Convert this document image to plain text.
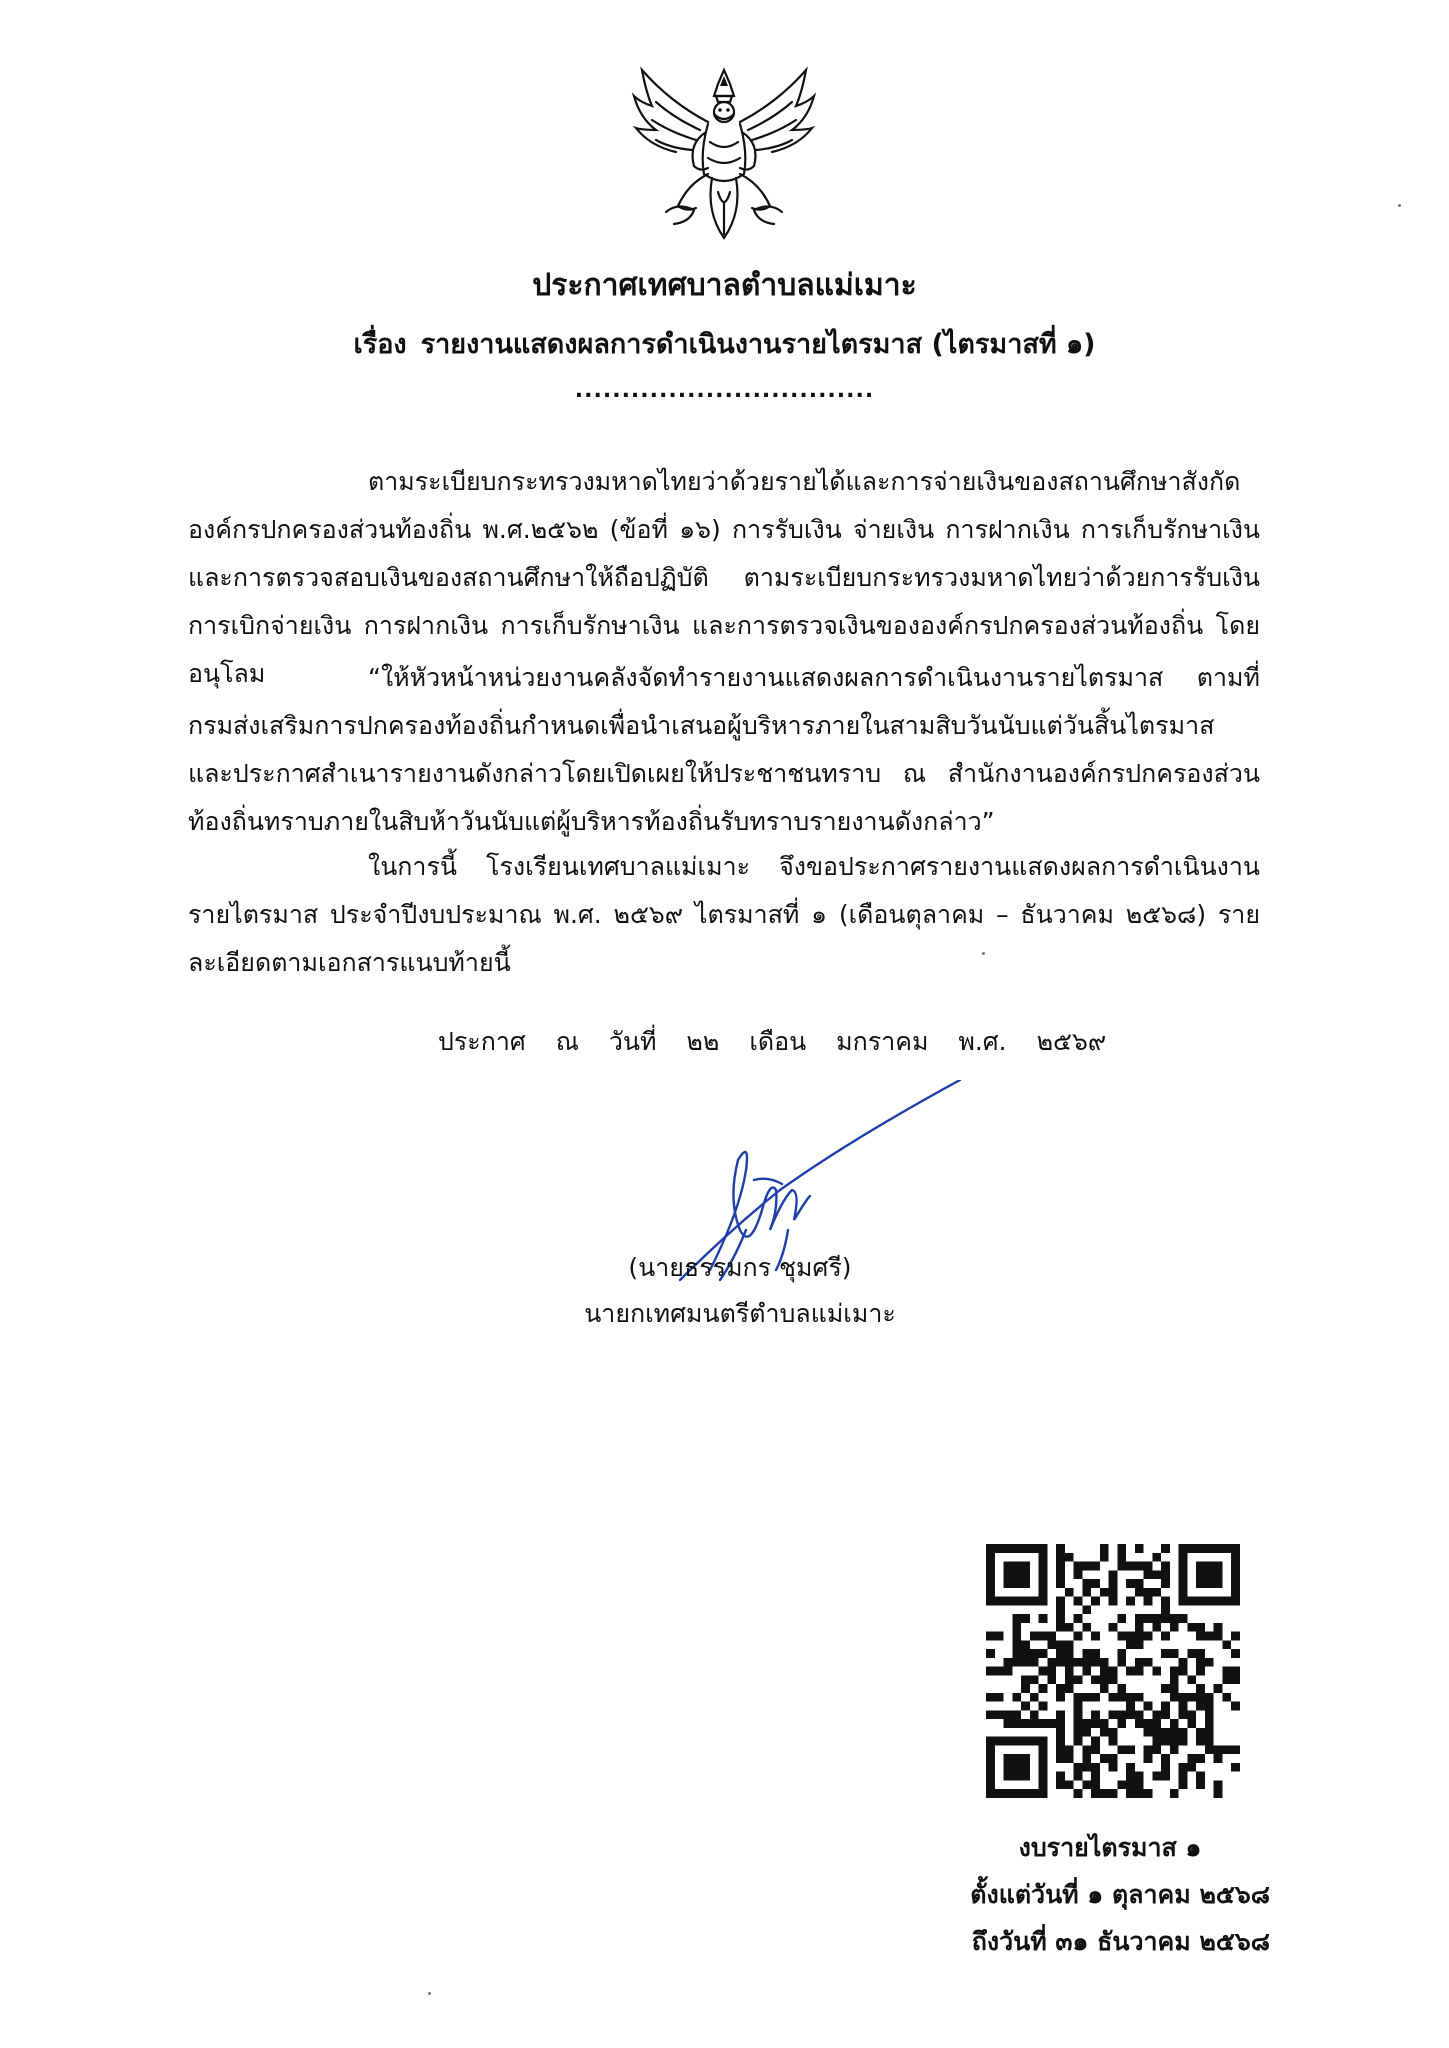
ประกาศเทศบาลตำบลแม่เมาะ
เรื่อง รายงานแสดงผลการดำเนินงานรายไตรมาส (ไตรมาสที่ ๑)
................................

ตามระเบียบกระทรวงมหาดไทยว่าด้วยรายได้และการจ่ายเงินของสถานศึกษาสังกัดองค์กรปกครองส่วนท้องถิ่น พ.ศ.๒๕๖๒ (ข้อที่ ๑๖) การรับเงิน จ่ายเงิน การฝากเงิน การเก็บรักษาเงินและการตรวจสอบเงินของสถานศึกษาให้ถือปฏิบัติ ตามระเบียบกระทรวงมหาดไทยว่าด้วยการรับเงิน การเบิกจ่ายเงิน การฝากเงิน การเก็บรักษาเงิน และการตรวจเงินขององค์กรปกครองส่วนท้องถิ่น โดยอนุโลม	“ให้หัวหน้าหน่วยงานคลังจัดทำรายงานแสดงผลการดำเนินงานรายไตรมาส ตามที่กรมส่งเสริมการปกครองท้องถิ่นกำหนดเพื่อนำเสนอผู้บริหารภายในสามสิบวันนับแต่วันสิ้นไตรมาส และประกาศสำเนารายงานดังกล่าวโดยเปิดเผยให้ประชาชนทราบ ณ สำนักงานองค์กรปกครองส่วนท้องถิ่นทราบภายในสิบห้าวันนับแต่ผู้บริหารท้องถิ่นรับทราบรายงานดังกล่าว”

ในการนี้ โรงเรียนเทศบาลแม่เมาะ จึงขอประกาศรายงานแสดงผลการดำเนินงาน รายไตรมาส ประจำปีงบประมาณ พ.ศ. ๒๕๖๙ ไตรมาสที่ ๑ (เดือนตุลาคม – ธันวาคม ๒๕๖๘) รายละเอียดตามเอกสารแนบท้ายนี้

ประกาศ ณ วันที่ ๒๒ เดือน มกราคม พ.ศ. ๒๕๖๙
(นายธรรมกร ชุมศรี)
นายกเทศมนตรีตำบลแม่เมาะ
งบรายไตรมาส ๑
ตั้งแต่วันที่ ๑ ตุลาคม ๒๕๖๘
ถึงวันที่ ๓๑ ธันวาคม ๒๕๖๘
